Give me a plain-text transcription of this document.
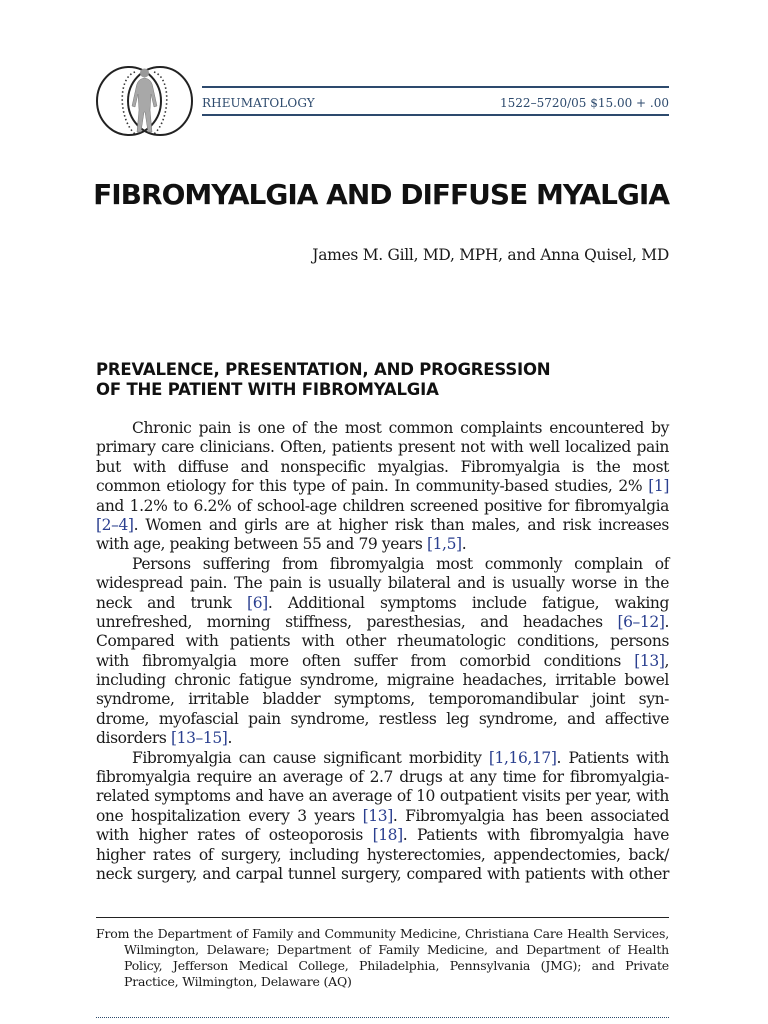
RHEUMATOLOGY	1522–5720/05 $15.00 + .00
FIBROMYALGIA AND DIFFUSE MYALGIA
James M. Gill, MD, MPH, and Anna Quisel, MD
PREVALENCE, PRESENTATION, AND PROGRESSION
OF THE PATIENT WITH FIBROMYALGIA
Chronic pain is one of the most common complaints encountered by
primary care clinicians. Often, patients present not with well localized pain
but with diffuse and nonspecific myalgias. Fibromyalgia is the most
common etiology for this type of pain. In community-based studies, 2% [1]
and 1.2% to 6.2% of school-age children screened positive for fibromyalgia
[2–4]. Women and girls are at higher risk than males, and risk increases
with age, peaking between 55 and 79 years [1,5].
Persons suffering from fibromyalgia most commonly complain of
widespread pain. The pain is usually bilateral and is usually worse in the
neck and trunk [6]. Additional symptoms include fatigue, waking
unrefreshed, morning stiffness, paresthesias, and headaches [6–12].
Compared with patients with other rheumatologic conditions, persons
with fibromyalgia more often suffer from comorbid conditions [13],
including chronic fatigue syndrome, migraine headaches, irritable bowel
syndrome, irritable bladder symptoms, temporomandibular joint syn-
drome, myofascial pain syndrome, restless leg syndrome, and affective
disorders [13–15].
Fibromyalgia can cause significant morbidity [1,16,17]. Patients with
fibromyalgia require an average of 2.7 drugs at any time for fibromyalgia-
related symptoms and have an average of 10 outpatient visits per year, with
one hospitalization every 3 years [13]. Fibromyalgia has been associated
with higher rates of osteoporosis [18]. Patients with fibromyalgia have
higher rates of surgery, including hysterectomies, appendectomies, back/
neck surgery, and carpal tunnel surgery, compared with patients with other
From the Department of Family and Community Medicine, Christiana Care Health Services,
Wilmington, Delaware; Department of Family Medicine, and Department of Health
Policy, Jefferson Medical College, Philadelphia, Pennsylvania (JMG); and Private
Practice, Wilmington, Delaware (AQ)
